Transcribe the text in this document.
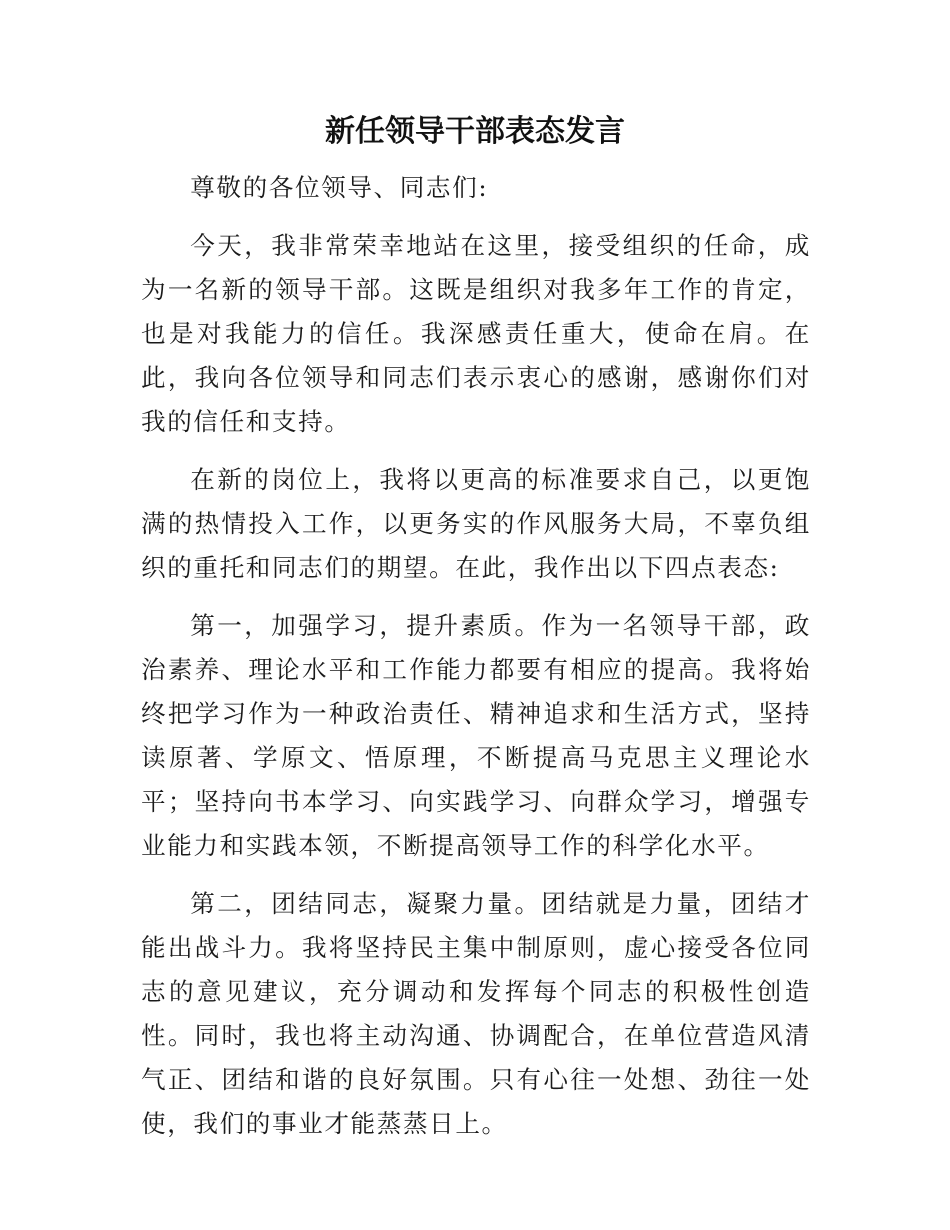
新任领导干部表态发言

尊敬的各位领导、同志们:

今天，我非常荣幸地站在这里，接受组织的任命，成为一名新的领导干部。这既是组织对我多年工作的肯定，也是对我能力的信任。我深感责任重大，使命在肩。在此，我向各位领导和同志们表示衷心的感谢，感谢你们对我的信任和支持。

在新的岗位上，我将以更高的标准要求自己，以更饱满的热情投入工作，以更务实的作风服务大局，不辜负组织的重托和同志们的期望。在此，我作出以下四点表态:

第一，加强学习，提升素质。作为一名领导干部，政治素养、理论水平和工作能力都要有相应的提高。我将始终把学习作为一种政治责任、精神追求和生活方式，坚持读原著、学原文、悟原理，不断提高马克思主义理论水平；坚持向书本学习、向实践学习、向群众学习，增强专业能力和实践本领，不断提高领导工作的科学化水平。

第二，团结同志，凝聚力量。团结就是力量，团结才能出战斗力。我将坚持民主集中制原则，虚心接受各位同志的意见建议，充分调动和发挥每个同志的积极性创造性。同时，我也将主动沟通、协调配合，在单位营造风清气正、团结和谐的良好氛围。只有心往一处想、劲往一处使，我们的事业才能蒸蒸日上。
